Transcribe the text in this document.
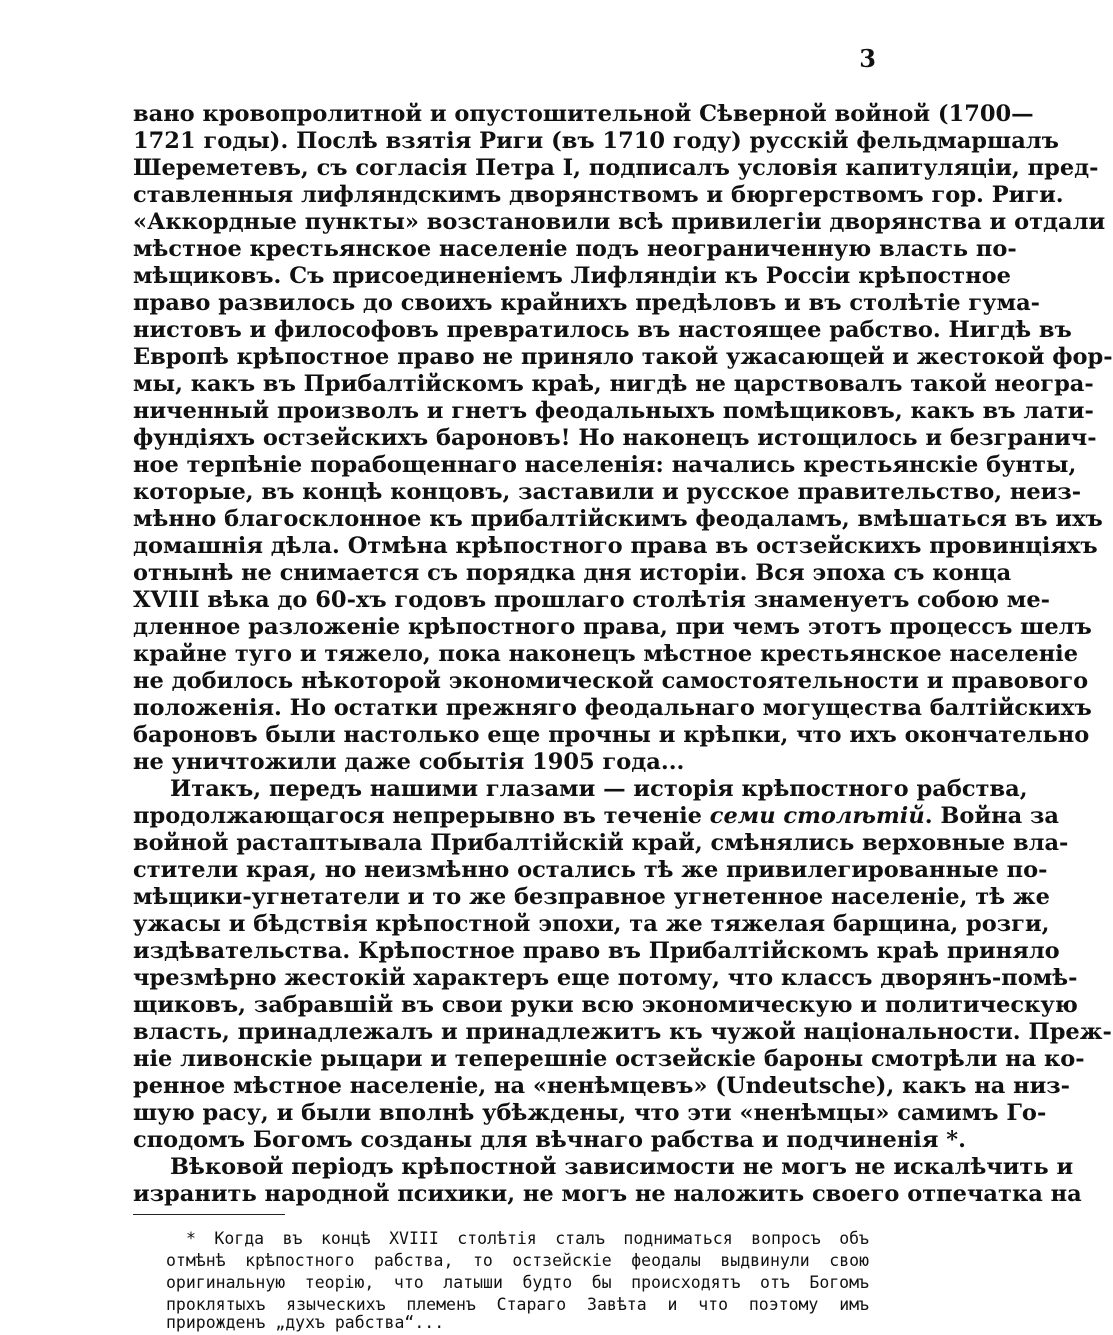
3
вано кровопролитной и опустошительной Сѣверной войной (1700—
1721 годы). Послѣ взятія Риги (въ 1710 году) русскій фельдмаршалъ
Шереметевъ, съ согласія Петра I, подписалъ условія капитуляціи, пред-
ставленныя лифляндскимъ дворянствомъ и бюргерствомъ гор. Риги.
«Аккордные пункты» возстановили всѣ привилегіи дворянства и отдали
мѣстное крестьянское населеніе подъ неограниченную власть по-
мѣщиковъ. Съ присоединеніемъ Лифляндіи къ Россіи крѣпостное
право развилось до своихъ крайнихъ предѣловъ и въ столѣтіе гума-
нистовъ и философовъ превратилось въ настоящее рабство. Нигдѣ въ
Европѣ крѣпостное право не приняло такой ужасающей и жестокой фор-
мы, какъ въ Прибалтійскомъ краѣ, нигдѣ не царствовалъ такой неогра-
ниченный произволъ и гнетъ феодальныхъ помѣщиковъ, какъ въ лати-
фундіяхъ остзейскихъ бароновъ! Но наконецъ истощилось и безгранич-
ное терпѣніе порабощеннаго населенія: начались крестьянскіе бунты,
которые, въ концѣ концовъ, заставили и русское правительство, неиз-
мѣнно благосклонное къ прибалтійскимъ феодаламъ, вмѣшаться въ ихъ
домашнія дѣла. Отмѣна крѣпостного права въ остзейскихъ провинціяхъ
отнынѣ не снимается съ порядка дня исторіи. Вся эпоха съ конца
XVIII вѣка до 60-хъ годовъ прошлаго столѣтія знаменуетъ собою ме-
дленное разложеніе крѣпостного права, при чемъ этотъ процессъ шелъ
крайне туго и тяжело, пока наконецъ мѣстное крестьянское населеніе
не добилось нѣкоторой экономической самостоятельности и правового
положенія. Но остатки прежняго феодальнаго могущества балтійскихъ
бароновъ были настолько еще прочны и крѣпки, что ихъ окончательно
не уничтожили даже событія 1905 года...
Итакъ, передъ нашими глазами — исторія крѣпостного рабства,
продолжающагося непрерывно въ теченіе семи столѣтій. Война за
войной растаптывала Прибалтійскій край, смѣнялись верховные вла-
стители края, но неизмѣнно остались тѣ же привилегированные по-
мѣщики-угнетатели и то же безправное угнетенное населеніе, тѣ же
ужасы и бѣдствія крѣпостной эпохи, та же тяжелая барщина, розги,
издѣвательства. Крѣпостное право въ Прибалтійскомъ краѣ приняло
чрезмѣрно жестокій характеръ еще потому, что классъ дворянъ-помѣ-
щиковъ, забравшій въ свои руки всю экономическую и политическую
власть, принадлежалъ и принадлежитъ къ чужой національности. Преж-
ніе ливонскіе рыцари и теперешніе остзейскіе бароны смотрѣли на ко-
ренное мѣстное населеніе, на «ненѣмцевъ» (Undeutsche), какъ на низ-
шую расу, и были вполнѣ убѣждены, что эти «ненѣмцы» самимъ Го-
сподомъ Богомъ созданы для вѣчнаго рабства и подчиненія *.
Вѣковой періодъ крѣпостной зависимости не могъ не искалѣчить и
изранить народной психики, не могъ не наложить своего отпечатка на
* Когда въ концѣ XVIII столѣтія сталъ подниматься вопросъ объ
отмѣнѣ крѣпостного рабства, то остзейскіе феодалы выдвинули свою
оригинальную теорію, что латыши будто бы происходятъ отъ Богомъ
проклятыхъ языческихъ племенъ Стараго Завѣта и что поэтому имъ
прирожденъ „духъ рабства“...
